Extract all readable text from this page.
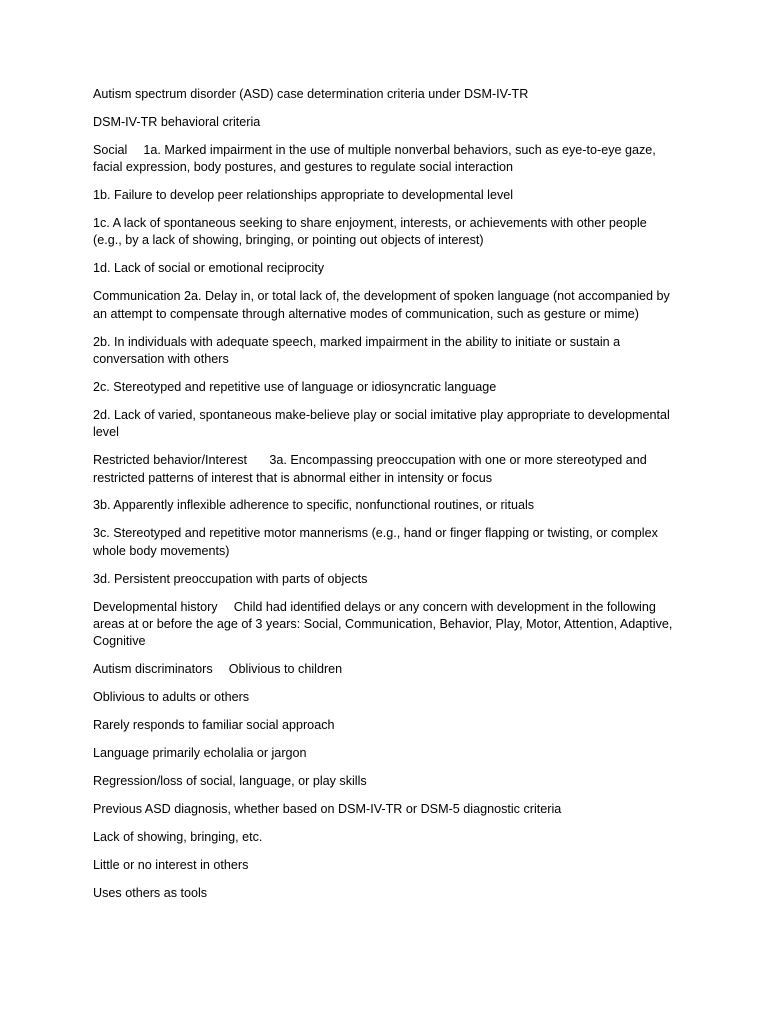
Autism spectrum disorder (ASD) case determination criteria under DSM-IV-TR

DSM-IV-TR behavioral criteria

Social  1a. Marked impairment in the use of multiple nonverbal behaviors, such as eye-to-eye gaze, facial expression, body postures, and gestures to regulate social interaction

1b. Failure to develop peer relationships appropriate to developmental level

1c. A lack of spontaneous seeking to share enjoyment, interests, or achievements with other people (e.g., by a lack of showing, bringing, or pointing out objects of interest)

1d. Lack of social or emotional reciprocity

Communication 2a. Delay in, or total lack of, the development of spoken language (not accompanied by an attempt to compensate through alternative modes of communication, such as gesture or mime)

2b. In individuals with adequate speech, marked impairment in the ability to initiate or sustain a conversation with others

2c. Stereotyped and repetitive use of language or idiosyncratic language

2d. Lack of varied, spontaneous make-believe play or social imitative play appropriate to developmental level

Restricted behavior/Interest   3a. Encompassing preoccupation with one or more stereotyped and restricted patterns of interest that is abnormal either in intensity or focus

3b. Apparently inflexible adherence to specific, nonfunctional routines, or rituals

3c. Stereotyped and repetitive motor mannerisms (e.g., hand or finger flapping or twisting, or complex whole body movements)

3d. Persistent preoccupation with parts of objects

Developmental history  Child had identified delays or any concern with development in the following areas at or before the age of 3 years: Social, Communication, Behavior, Play, Motor, Attention, Adaptive, Cognitive

Autism discriminators  Oblivious to children

Oblivious to adults or others

Rarely responds to familiar social approach

Language primarily echolalia or jargon

Regression/loss of social, language, or play skills

Previous ASD diagnosis, whether based on DSM-IV-TR or DSM-5 diagnostic criteria

Lack of showing, bringing, etc.

Little or no interest in others

Uses others as tools
